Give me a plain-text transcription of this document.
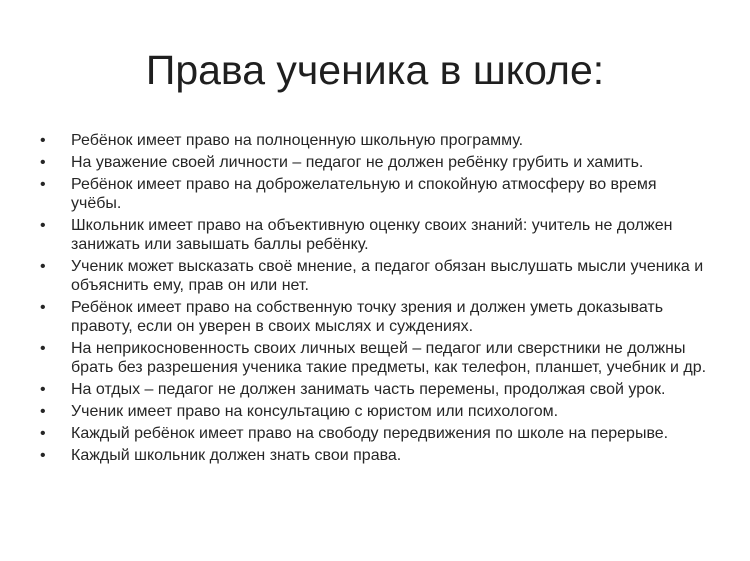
Права ученика в школе:
• Ребёнок имеет право на полноценную школьную программу.
• На уважение своей личности – педагог не должен ребёнку грубить и хамить.
• Ребёнок имеет право на доброжелательную и спокойную атмосферу во время учёбы.
• Школьник имеет право на объективную оценку своих знаний: учитель не должен занижать или завышать баллы ребёнку.
• Ученик может высказать своё мнение, а педагог обязан выслушать мысли ученика и объяснить ему, прав он или нет.
• Ребёнок имеет право на собственную точку зрения и должен уметь доказывать правоту, если он уверен в своих мыслях и суждениях.
• На неприкосновенность своих личных вещей – педагог или сверстники не должны брать без разрешения ученика такие предметы, как телефон, планшет, учебник и др.
• На отдых – педагог не должен занимать часть перемены, продолжая свой урок.
• Ученик имеет право на консультацию с юристом или психологом.
• Каждый ребёнок имеет право на свободу передвижения по школе на перерыве.
• Каждый школьник должен знать свои права.
